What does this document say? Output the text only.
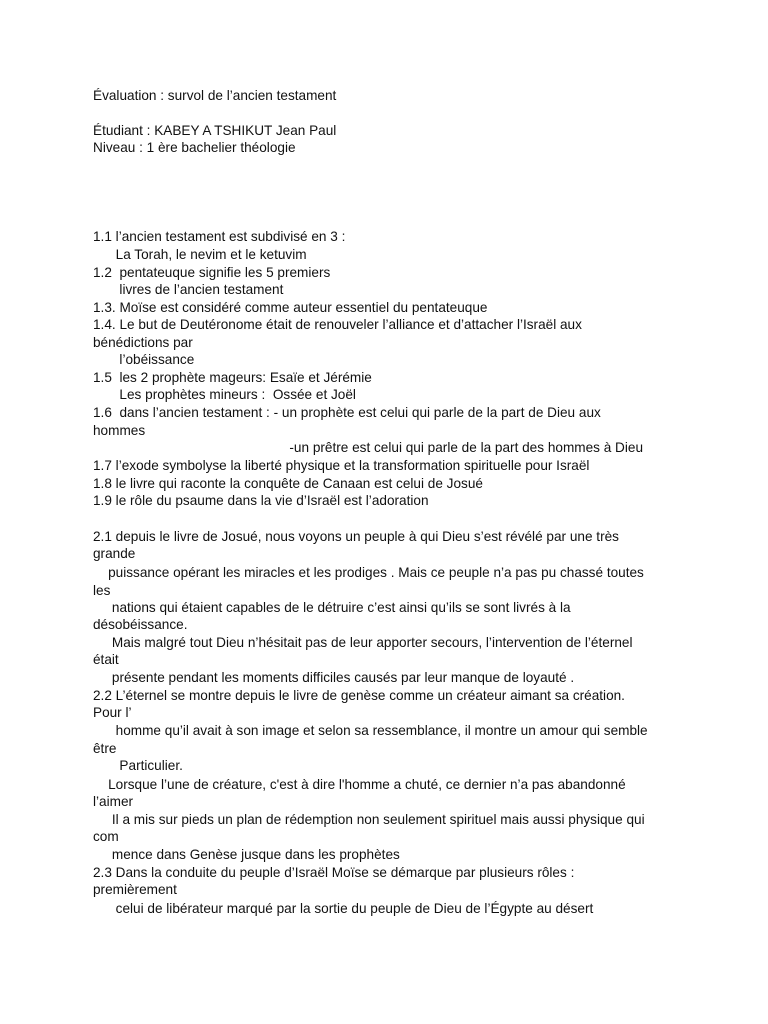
Évaluation : survol de l’ancien testament
Étudiant : KABEY A TSHIKUT Jean Paul
Niveau : 1 ère bachelier théologie
1.1 l’ancien testament est subdivisé en 3 :
La Torah, le nevim et le ketuvim
1.2  pentateuque signifie les 5 premiers
livres de l’ancien testament
1.3. Moïse est considéré comme auteur essentiel du pentateuque
1.4. Le but de Deutéronome était de renouveler l’alliance et d’attacher l’Israël aux
bénédictions par
l’obéissance
1.5  les 2 prophète mageurs: Esaïe et Jérémie
Les prophètes mineurs :  Ossée et Joël
1.6  dans l’ancien testament : - un prophète est celui qui parle de la part de Dieu aux
hommes
-un prêtre est celui qui parle de la part des hommes à Dieu
1.7 l’exode symbolyse la liberté physique et la transformation spirituelle pour Israël
1.8 le livre qui raconte la conquête de Canaan est celui de Josué
1.9 le rôle du psaume dans la vie d’Israël est l’adoration
2.1 depuis le livre de Josué, nous voyons un peuple à qui Dieu s’est révélé par une très
grande
puissance opérant les miracles et les prodiges . Mais ce peuple n’a pas pu chassé toutes
les
nations qui étaient capables de le détruire c’est ainsi qu’ils se sont livrés à la
désobéissance.
Mais malgré tout Dieu n’hésitait pas de leur apporter secours, l’intervention de l’éternel
était
présente pendant les moments difficiles causés par leur manque de loyauté .
2.2 L’éternel se montre depuis le livre de genèse comme un créateur aimant sa création.
Pour l’
homme qu’il avait à son image et selon sa ressemblance, il montre un amour qui semble
être
Particulier.
Lorsque l’une de créature, c'est à dire l'homme a chuté, ce dernier n’a pas abandonné
l’aimer
Il a mis sur pieds un plan de rédemption non seulement spirituel mais aussi physique qui
com
mence dans Genèse jusque dans les prophètes
2.3 Dans la conduite du peuple d’Israël Moïse se démarque par plusieurs rôles :
premièrement
celui de libérateur marqué par la sortie du peuple de Dieu de l’Égypte au désert
